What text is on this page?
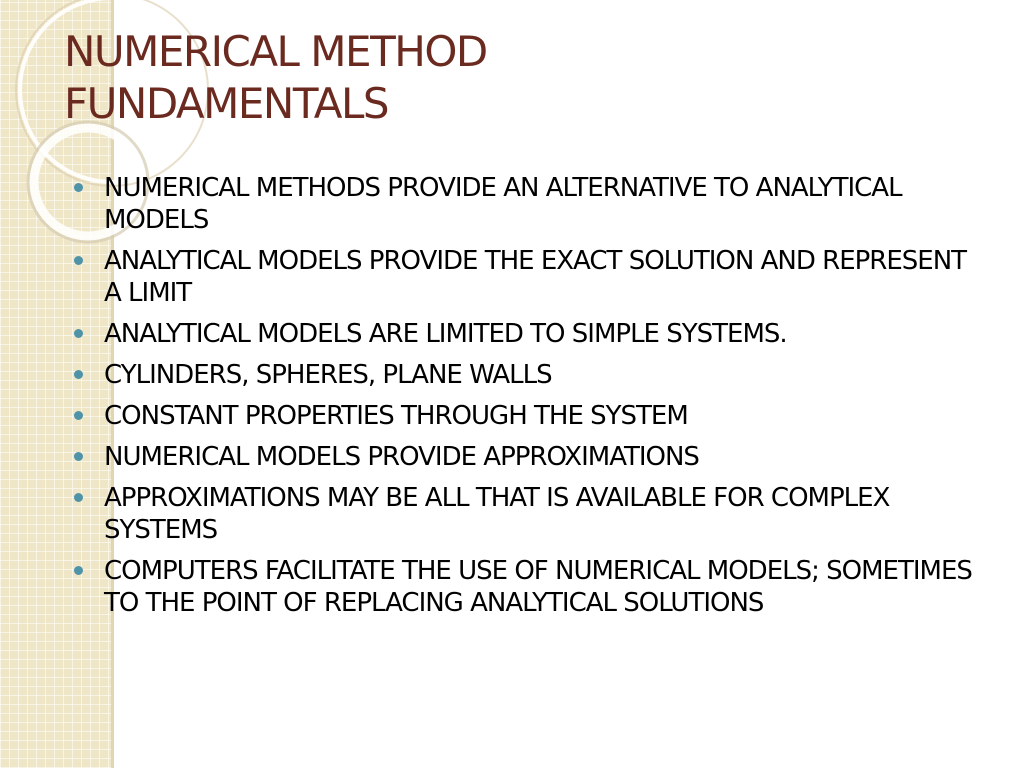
NUMERICAL METHOD
FUNDAMENTALS
NUMERICAL METHODS PROVIDE AN ALTERNATIVE TO ANALYTICAL MODELS
ANALYTICAL MODELS PROVIDE THE EXACT SOLUTION AND REPRESENT A LIMIT
ANALYTICAL MODELS ARE LIMITED TO SIMPLE SYSTEMS.
CYLINDERS, SPHERES, PLANE WALLS
CONSTANT PROPERTIES THROUGH THE SYSTEM
NUMERICAL MODELS PROVIDE APPROXIMATIONS
APPROXIMATIONS MAY BE ALL THAT IS AVAILABLE FOR COMPLEX SYSTEMS
COMPUTERS FACILITATE THE USE OF NUMERICAL MODELS; SOMETIMES TO THE POINT OF REPLACING ANALYTICAL SOLUTIONS
